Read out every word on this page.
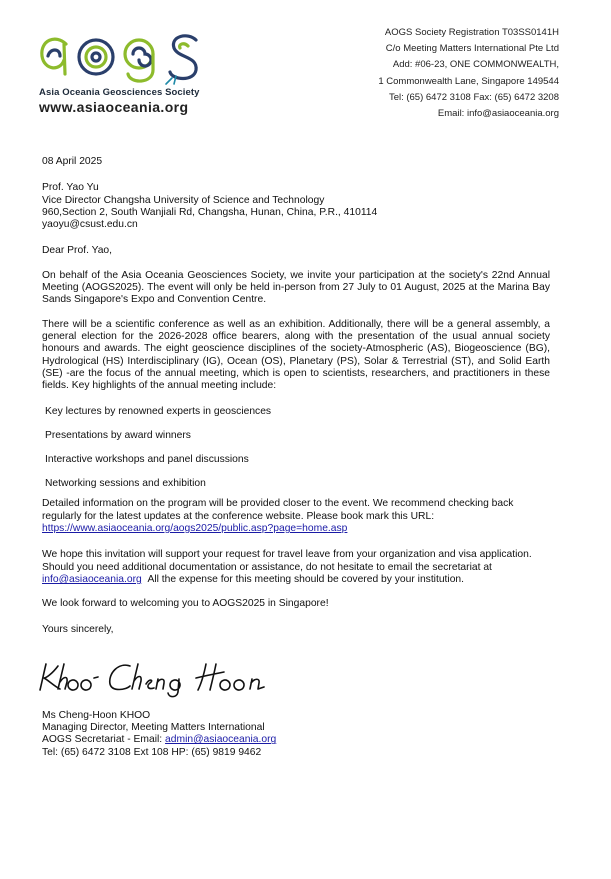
Asia Oceania Geosciences Society
www.asiaoceania.org
AOGS Society Registration T03SS0141H
C/o Meeting Matters International Pte Ltd
Add: #06-23, ONE COMMONWEALTH,
1 Commonwealth Lane, Singapore 149544
Tel: (65) 6472 3108 Fax: (65) 6472 3208
Email: info@asiaoceania.org

08 April 2025

Prof. Yao Yu

Vice Director Changsha University of Science and Technology

960,Section 2, South Wanjiali Rd, Changsha, Hunan, China, P.R., 410114

yaoyu@csust.edu.cn

Dear Prof. Yao,

On behalf of the Asia Oceania Geosciences Society, we invite your participation at the society's 22nd Annual Meeting (AOGS2025). The event will only be held in-person from 27 July to 01 August, 2025 at the Marina Bay Sands Singapore's Expo and Convention Centre.

There will be a scientific conference as well as an exhibition. Additionally, there will be a general assembly, a general election for the 2026-2028 office bearers, along with the presentation of the usual annual society honours and awards. The eight geoscience disciplines of the society-Atmospheric (AS), Biogeoscience (BG), Hydrological (HS) Interdisciplinary (IG), Ocean (OS), Planetary (PS), Solar & Terrestrial (ST), and Solid Earth (SE) -are the focus of the annual meeting, which is open to scientists, researchers, and practitioners in these fields. Key highlights of the annual meeting include:

Key lectures by renowned experts in geosciences
Presentations by award winners
Interactive workshops and panel discussions
Networking sessions and exhibition

Detailed information on the program will be provided closer to the event. We recommend checking back

regularly for the latest updates at the conference website. Please book mark this URL:

https://www.asiaoceania.org/aogs2025/public.asp?page=home.asp

We hope this invitation will support your request for travel leave from your organization and visa application.

Should you need additional documentation or assistance, do not hesitate to email the secretariat at

info@asiaoceania.org All the expense for this meeting should be covered by your institution.

We look forward to welcoming you to AOGS2025 in Singapore!

Yours sincerely,

Ms Cheng-Hoon KHOO
Managing Director, Meeting Matters International
AOGS Secretariat - Email: admin@asiaoceania.org
Tel: (65) 6472 3108 Ext 108 HP: (65) 9819 9462
